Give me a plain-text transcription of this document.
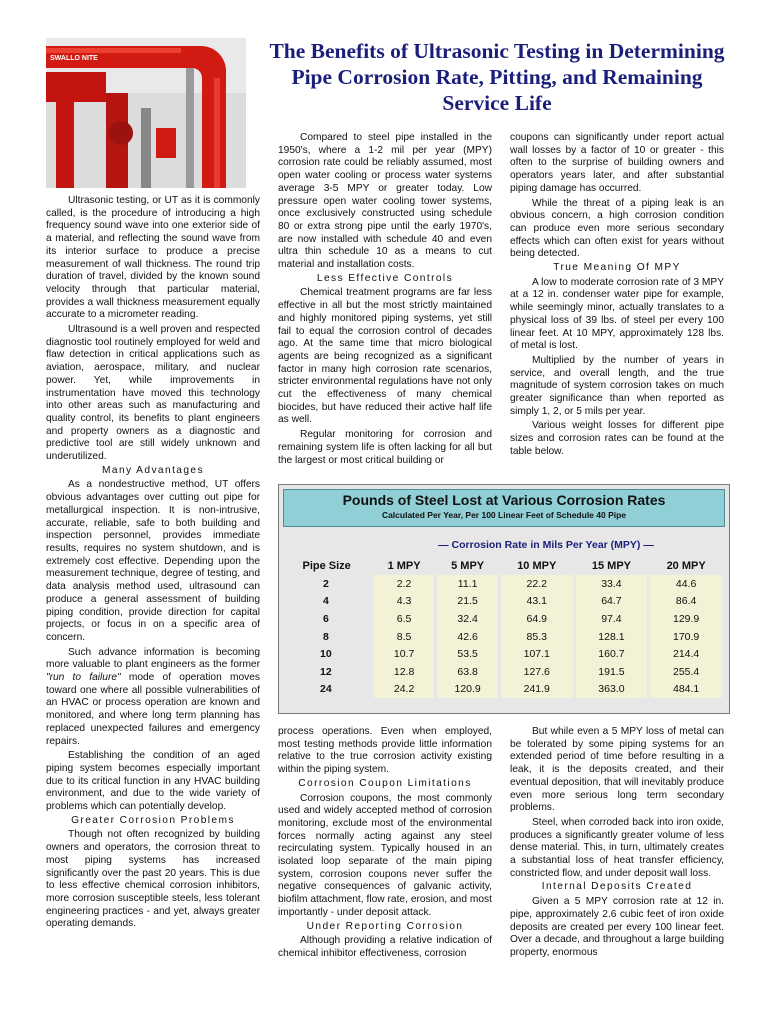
SWALLO NITE	The Benefits of Ultrasonic Testing in Determining Pipe Corrosion Rate, Pitting, and Remaining Service Life

Ultrasonic testing, or UT as it is commonly called, is the procedure of introducing a high frequency sound wave into one exterior side of a material, and reflecting the sound wave from its interior surface to produce a precise measurement of wall thickness. The round trip duration of travel, divided by the known sound velocity through that particular material, provides a wall thickness measurement equally accurate to a micrometer reading.

Ultrasound is a well proven and respected diagnostic tool routinely employed for weld and flaw detection in critical applications such as aviation, aerospace, military, and nuclear power. Yet, while improvements in instrumentation have moved this technology into other areas such as manufacturing and quality control, its benefits to plant engineers and property owners as a diagnostic and predictive tool are still widely unknown and underutilized.

Many Advantages

As a nondestructive method, UT offers obvious advantages over cutting out pipe for metallurgical inspection. It is non-intrusive, accurate, reliable, safe to both building and inspection personnel, provides immediate results, requires no system shutdown, and is extremely cost effective. Depending upon the measurement technique, degree of testing, and data analysis method used, ultrasound can produce a general assessment of building piping condition, provide direction for capital projects, or focus in on a specific area of concern.

Such advance information is becoming more valuable to plant engineers as the former "run to failure" mode of operation moves toward one where all possible vulnerabilities of an HVAC or process operation are known and monitored, and where long term planning has replaced unexpected failures and emergency repairs.

Establishing the condition of an aged piping system becomes especially important due to its critical function in any HVAC building environment, and due to the wide variety of problems which can potentially develop.

Greater Corrosion Problems

Though not often recognized by building owners and operators, the corrosion threat to most piping systems has increased significantly over the past 20 years. This is due to less effective chemical corrosion inhibitors, more corrosion susceptible steels, less tolerant engineering practices - and yet, always greater operating demands.

Compared to steel pipe installed in the 1950's, where a 1-2 mil per year (MPY) corrosion rate could be reliably assumed, most open water cooling or process water systems average 3-5 MPY or greater today. Low pressure open water cooling tower systems, once exclusively constructed using schedule 80 or extra strong pipe until the early 1970's, are now installed with schedule 40 and even ultra thin schedule 10 as a means to cut material and installation costs.

Less Effective Controls

Chemical treatment programs are far less effective in all but the most strictly maintained and highly monitored piping systems, yet still fail to equal the corrosion control of decades ago. At the same time that micro biological agents are being recognized as a significant factor in many high corrosion rate scenarios, stricter environmental regulations have not only cut the effectiveness of many chemical biocides, but have reduced their active half life as well.

Regular monitoring for corrosion and remaining system life is often lacking for all but the largest or most critical building or

coupons can significantly under report actual wall losses by a factor of 10 or greater - this often to the surprise of building owners and operators years later, and after substantial piping damage has occurred.

While the threat of a piping leak is an obvious concern, a high corrosion condition can produce even more serious secondary effects which can often exist for years without being detected.

True Meaning Of MPY

A low to moderate corrosion rate of 3 MPY at a 12 in. condenser water pipe for example, while seemingly minor, actually translates to a physical loss of 39 lbs. of steel per every 100 linear feet. At 10 MPY, approximately 128 lbs. of metal is lost.

Multiplied by the number of years in service, and overall length, and the true magnitude of system corrosion takes on much greater significance than when reported as simply 1, 2, or 5 mils per year.

Various weight losses for different pipe sizes and corrosion rates can be found at the table below.

Pounds of Steel Lost at Various Corrosion Rates
Calculated Per Year, Per 100 Linear Feet of Schedule 40 Pipe
— Corrosion Rate in Mils Per Year (MPY) —
Pipe Size	1 MPY	5 MPY	10 MPY	15 MPY	20 MPY
2	2.2	11.1	22.2	33.4	44.6
4	4.3	21.5	43.1	64.7	86.4
6	6.5	32.4	64.9	97.4	129.9
8	8.5	42.6	85.3	128.1	170.9
10	10.7	53.5	107.1	160.7	214.4
12	12.8	63.8	127.6	191.5	255.4
24	24.2	120.9	241.9	363.0	484.1

process operations. Even when employed, most testing methods provide little information relative to the true corrosion activity existing within the piping system.

Corrosion Coupon Limitations

Corrosion coupons, the most commonly used and widely accepted method of corrosion monitoring, exclude most of the environmental forces normally acting against any steel recirculating system. Typically housed in an isolated loop separate of the main piping system, corrosion coupons never suffer the negative consequences of galvanic activity, biofilm attachment, flow rate, erosion, and most importantly - under deposit attack.

Under Reporting Corrosion

Although providing a relative indication of chemical inhibitor effectiveness, corrosion

But while even a 5 MPY loss of metal can be tolerated by some piping systems for an extended period of time before resulting in a leak, it is the deposits created, and their eventual deposition, that will inevitably produce even more serious long term secondary problems.

Steel, when corroded back into iron oxide, produces a significantly greater volume of less dense material. This, in turn, ultimately creates a substantial loss of heat transfer efficiency, constricted flow, and under deposit wall loss.

Internal Deposits Created

Given a 5 MPY corrosion rate at 12 in. pipe, approximately 2.6 cubic feet of iron oxide deposits are created per every 100 linear feet. Over a decade, and throughout a large building property, enormous
